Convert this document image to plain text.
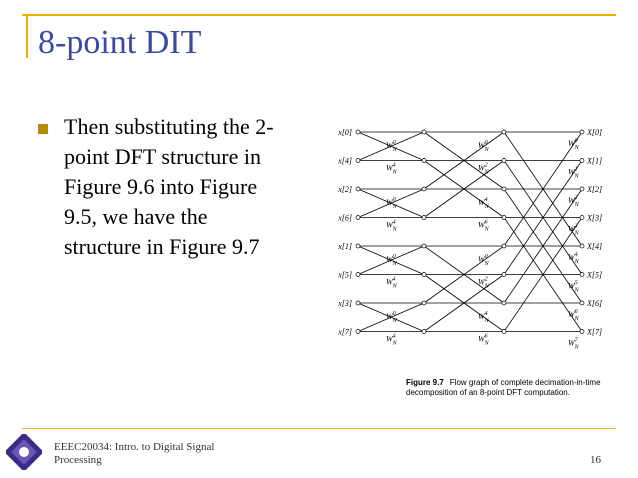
8-point DIT
Then substituting the 2-
point DFT structure in
Figure 9.6 into Figure
9.5, we have the
structure in Figure 9.7
x[0]	X[0]
x[4]	X[1]
x[2]	X[2]
x[6]	X[3]
x[1]	X[4]
x[5]	X[5]
x[3]	X[6]
x[7]	X[7]
$W^0$ N	$W^0$ N
$W^0$ N
$W^4$ N	$W^2$ N	$W^1$ N
$W^0$ N	$W^4$ N
$W^2$ N
$W^4$ N	$W^6$ N	$W^3$ N
$W^0$ N	$W^0$ N
$W^4$ N
$W^4$ N	$W^2$ N	$W^5$ N
$W^0$ N	$W^4$ N
$W^6$ N
$W^4$ N	$W^6$ N	$W^7$ N
Figure 9.7 Flow graph of complete decimation-in-time decomposition of an 8-point DFT computation.
EEEC20034: Intro. to Digital Signal
Processing	16
